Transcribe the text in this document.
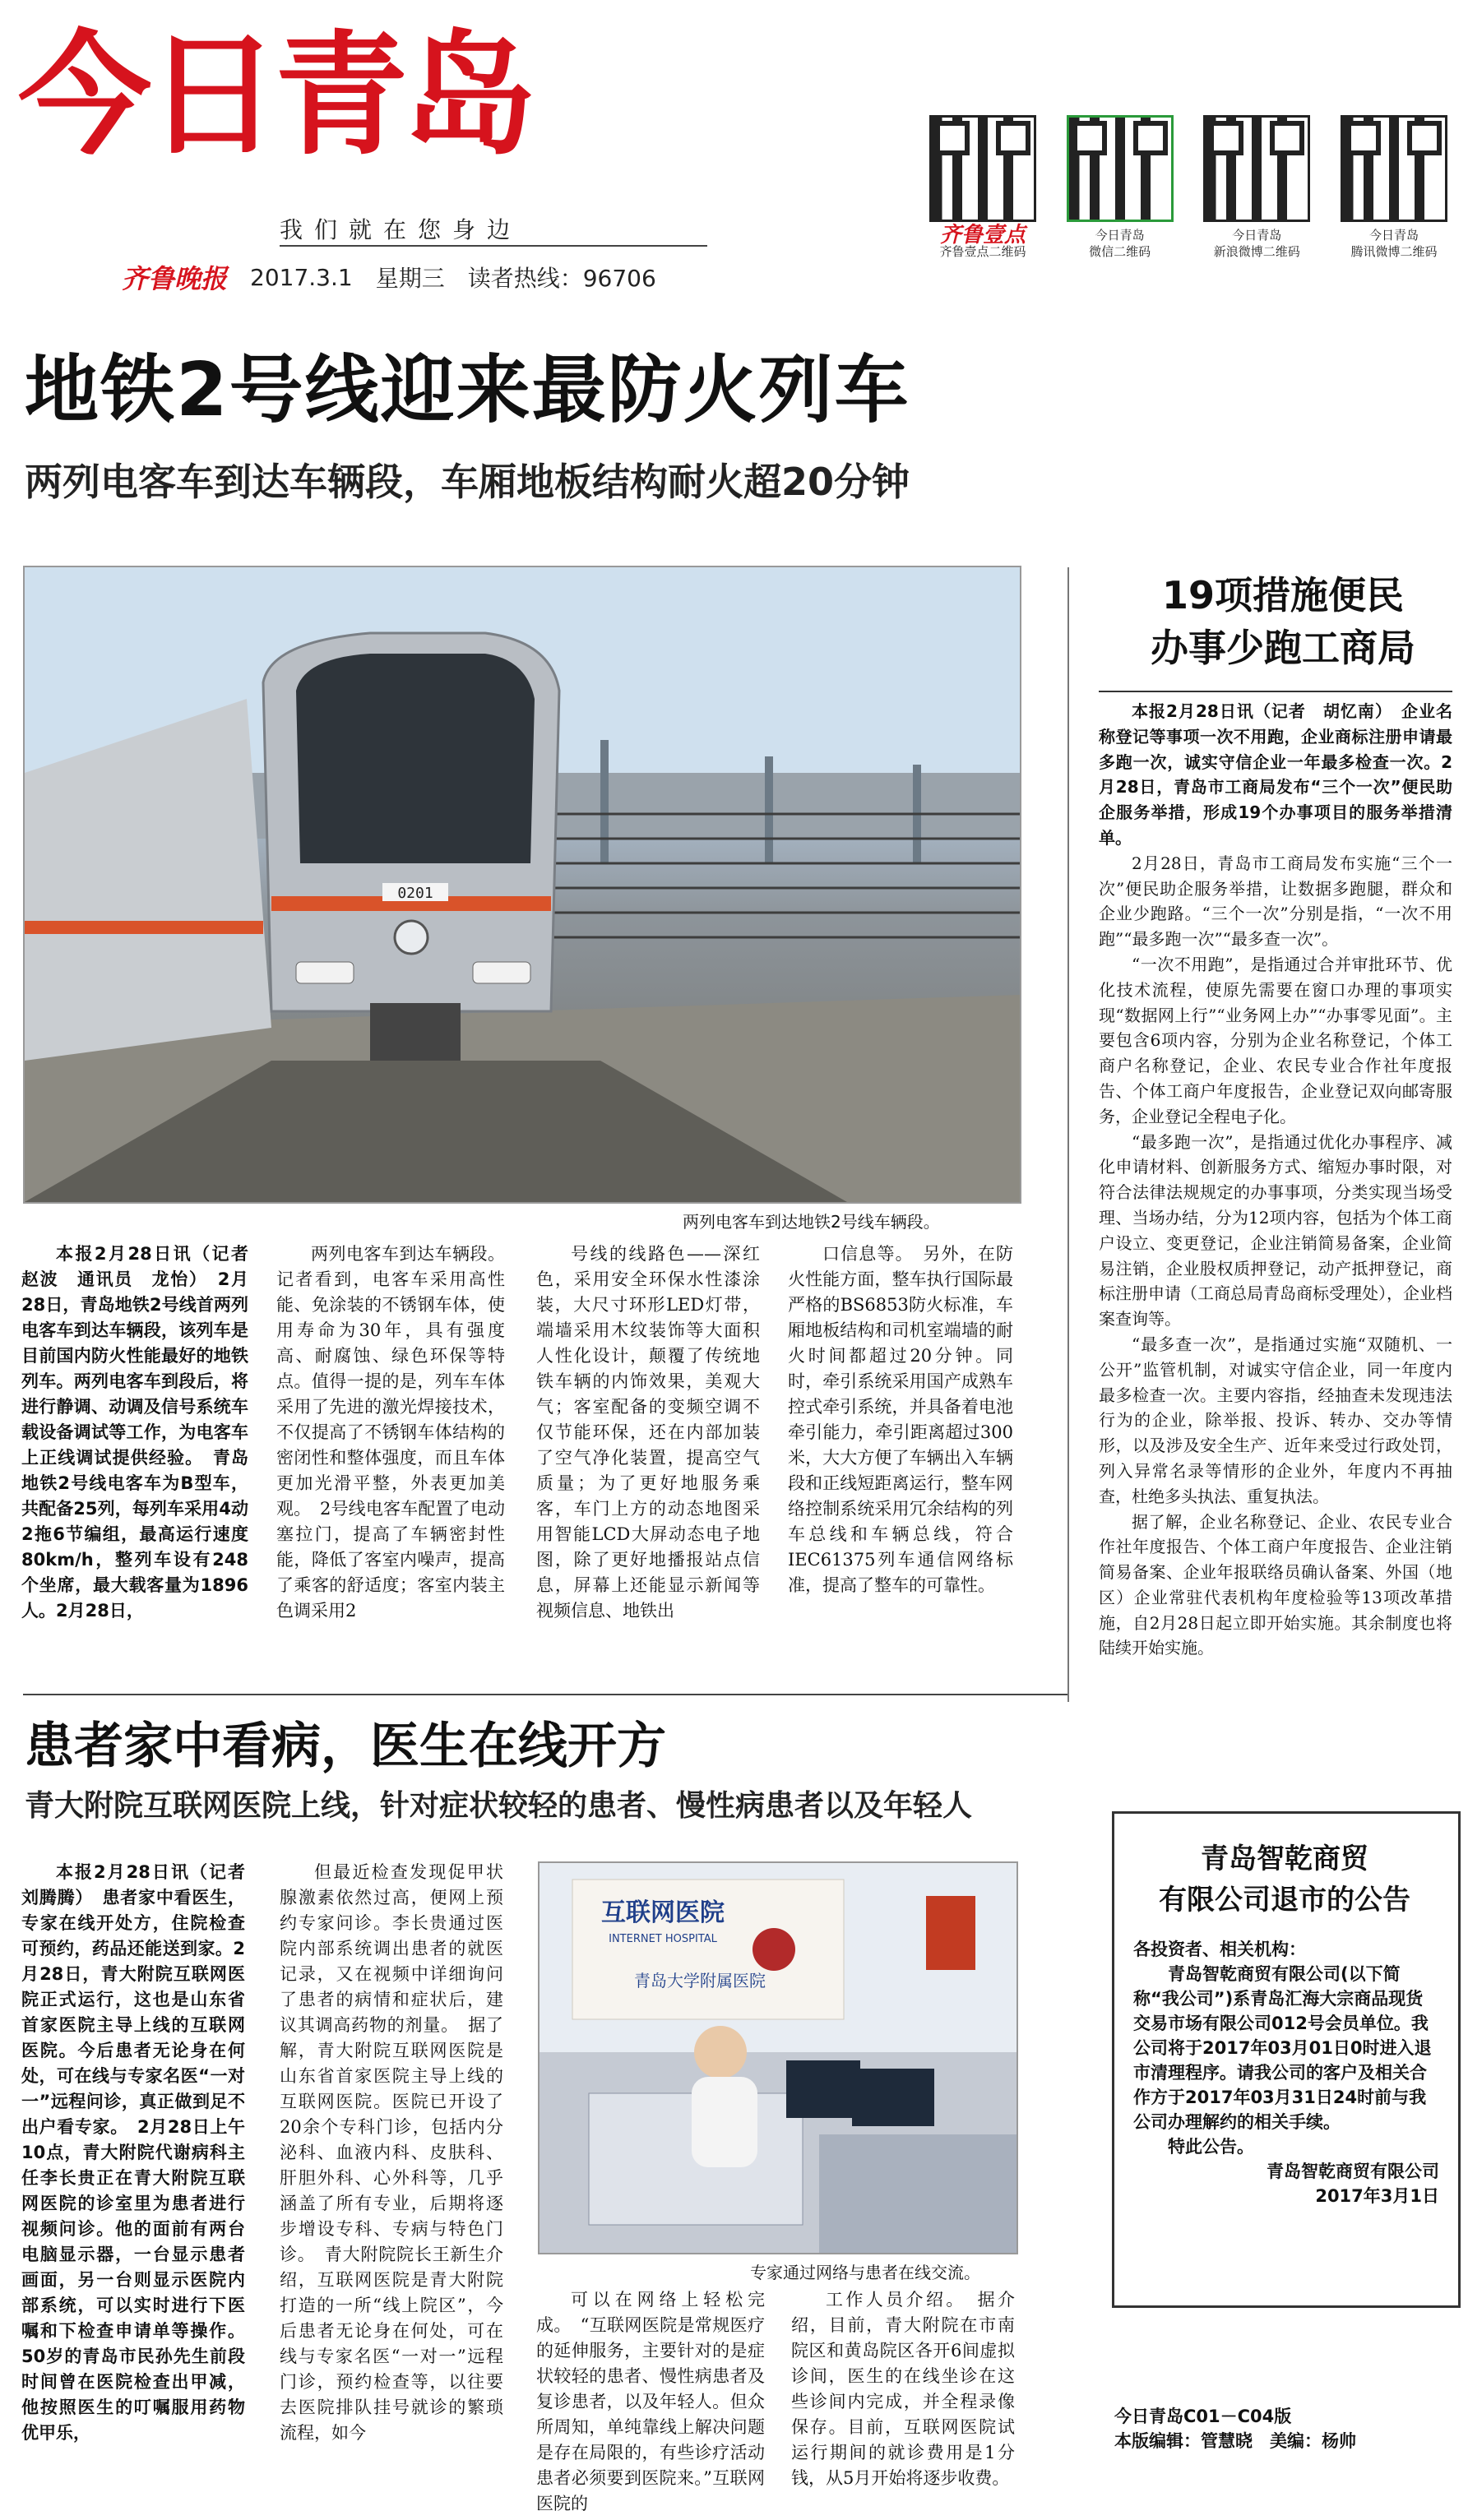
今日青岛
我们就在您身边
齐鲁晚报 2017.3.1 星期三 读者热线：96706
齐鲁壹点
齐鲁壹点二维码
今日青岛
微信二维码
今日青岛
新浪微博二维码
今日青岛
腾讯微博二维码
地铁2号线迎来最防火列车
两列电客车到达车辆段，车厢地板结构耐火超20分钟
0201
两列电客车到达地铁2号线车辆段。

本报2月28日讯（记者　赵波　通讯员　龙怡）　2月28日，青岛地铁2号线首两列电客车到达车辆段，该列车是目前国内防火性能最好的地铁列车。两列电客车到段后，将进行静调、动调及信号系统车载设备调试等工作，为电客车上正线调试提供经验。　青岛地铁2号线电客车为B型车，共配备25列，每列车采用4动2拖6节编组，最高运行速度80km/h，整列车设有248个坐席，最大载客量为1896人。2月28日，

两列电客车到达车辆段。记者看到，电客车采用高性能、免涂装的不锈钢车体，使用寿命为30年，具有强度高、耐腐蚀、绿色环保等特点。值得一提的是，列车车体采用了先进的激光焊接技术，不仅提高了不锈钢车体结构的密闭性和整体强度，而且车体更加光滑平整，外表更加美观。　2号线电客车配置了电动塞拉门，提高了车辆密封性能，降低了客室内噪声，提高了乘客的舒适度；客室内装主色调采用2

号线的线路色——深红色，采用安全环保水性漆涂装，大尺寸环形LED灯带，端墙采用木纹装饰等大面积人性化设计，颠覆了传统地铁车辆的内饰效果，美观大气；客室配备的变频空调不仅节能环保，还在内部加装了空气净化装置，提高空气质量；为了更好地服务乘客，车门上方的动态地图采用智能LCD大屏动态电子地图，除了更好地播报站点信息，屏幕上还能显示新闻等视频信息、地铁出

口信息等。　另外，在防火性能方面，整车执行国际最严格的BS6853防火标准，车厢地板结构和司机室端墙的耐火时间都超过20分钟。同时，牵引系统采用国产成熟车控式牵引系统，并具备着电池牵引能力，牵引距离超过300米，大大方便了车辆出入车辆段和正线短距离运行，整车网络控制系统采用冗余结构的列车总线和车辆总线，符合IEC61375列车通信网络标准，提高了整车的可靠性。

19项措施便民
办事少跑工商局

本报2月28日讯（记者　胡忆南）　企业名称登记等事项一次不用跑，企业商标注册申请最多跑一次，诚实守信企业一年最多检查一次。2月28日，青岛市工商局发布“三个一次”便民助企服务举措，形成19个办事项目的服务举措清单。

2月28日，青岛市工商局发布实施“三个一次”便民助企服务举措，让数据多跑腿，群众和企业少跑路。“三个一次”分别是指，“一次不用跑”“最多跑一次”“最多查一次”。

“一次不用跑”，是指通过合并审批环节、优化技术流程，使原先需要在窗口办理的事项实现“数据网上行”“业务网上办”“办事零见面”。主要包含6项内容，分别为企业名称登记，个体工商户名称登记，企业、农民专业合作社年度报告、个体工商户年度报告，企业登记双向邮寄服务，企业登记全程电子化。

“最多跑一次”，是指通过优化办事程序、减化申请材料、创新服务方式、缩短办事时限，对符合法律法规规定的办事事项，分类实现当场受理、当场办结，分为12项内容，包括为个体工商户设立、变更登记，企业注销简易备案，企业简易注销，企业股权质押登记，动产抵押登记，商标注册申请（工商总局青岛商标受理处），企业档案查询等。

“最多查一次”，是指通过实施“双随机、一公开”监管机制，对诚实守信企业，同一年度内最多检查一次。主要内容指，经抽查未发现违法行为的企业，除举报、投诉、转办、交办等情形，以及涉及安全生产、近年来受过行政处罚，列入异常名录等情形的企业外，年度内不再抽查，杜绝多头执法、重复执法。

据了解，企业名称登记、企业、农民专业合作社年度报告、个体工商户年度报告、企业注销简易备案、企业年报联络员确认备案、外国（地区）企业常驻代表机构年度检验等13项改革措施，自2月28日起立即开始实施。其余制度也将陆续开始实施。

患者家中看病，医生在线开方
青大附院互联网医院上线，针对症状较轻的患者、慢性病患者以及年轻人
互联网医院
INTERNET HOSPITAL
青岛大学附属医院
专家通过网络与患者在线交流。

本报2月28日讯（记者　刘腾腾）　患者家中看医生，专家在线开处方，住院检查可预约，药品还能送到家。2月28日，青大附院互联网医院正式运行，这也是山东省首家医院主导上线的互联网医院。今后患者无论身在何处，可在线与专家名医“一对一”远程问诊，真正做到足不出户看专家。　2月28日上午10点，青大附院代谢病科主任李长贵正在青大附院互联网医院的诊室里为患者进行视频问诊。他的面前有两台电脑显示器，一台显示患者画面，另一台则显示医院内部系统，可以实时进行下医嘱和下检查申请单等操作。50岁的青岛市民孙先生前段时间曾在医院检查出甲减，他按照医生的叮嘱服用药物优甲乐，

但最近检查发现促甲状腺激素依然过高，便网上预约专家问诊。李长贵通过医院内部系统调出患者的就医记录，又在视频中详细询问了患者的病情和症状后，建议其调高药物的剂量。　据了解，青大附院互联网医院是山东省首家医院主导上线的互联网医院。医院已开设了20余个专科门诊，包括内分泌科、血液内科、皮肤科、肝胆外科、心外科等，几乎涵盖了所有专业，后期将逐步增设专科、专病与特色门诊。　青大附院院长王新生介绍，互联网医院是青大附院打造的一所“线上院区”，今后患者无论身在何处，可在线与专家名医“一对一”远程门诊，预约检查等，以往要去医院排队挂号就诊的繁琐流程，如今

可以在网络上轻松完成。　“互联网医院是常规医疗的延伸服务，主要针对的是症状较轻的患者、慢性病患者及复诊患者，以及年轻人。但众所周知，单纯靠线上解决问题是存在局限的，有些诊疗活动患者必须要到医院来。”互联网医院的

工作人员介绍。　据介绍，目前，青大附院在市南院区和黄岛院区各开6间虚拟诊间，医生的在线坐诊在这些诊间内完成，并全程录像保存。目前，互联网医院试运行期间的就诊费用是1分钱，从5月开始将逐步收费。

青岛智乾商贸
有限公司退市的公告

各投资者、相关机构：

青岛智乾商贸有限公司(以下简称“我公司”)系青岛汇海大宗商品现货交易市场有限公司012号会员单位。我公司将于2017年03月01日0时进入退市清理程序。请我公司的客户及相关合作方于2017年03月31日24时前与我公司办理解约的相关手续。

特此公告。

青岛智乾商贸有限公司

2017年3月1日

今日青岛C01－C04版
本版编辑：管慧晓　美编：杨帅
